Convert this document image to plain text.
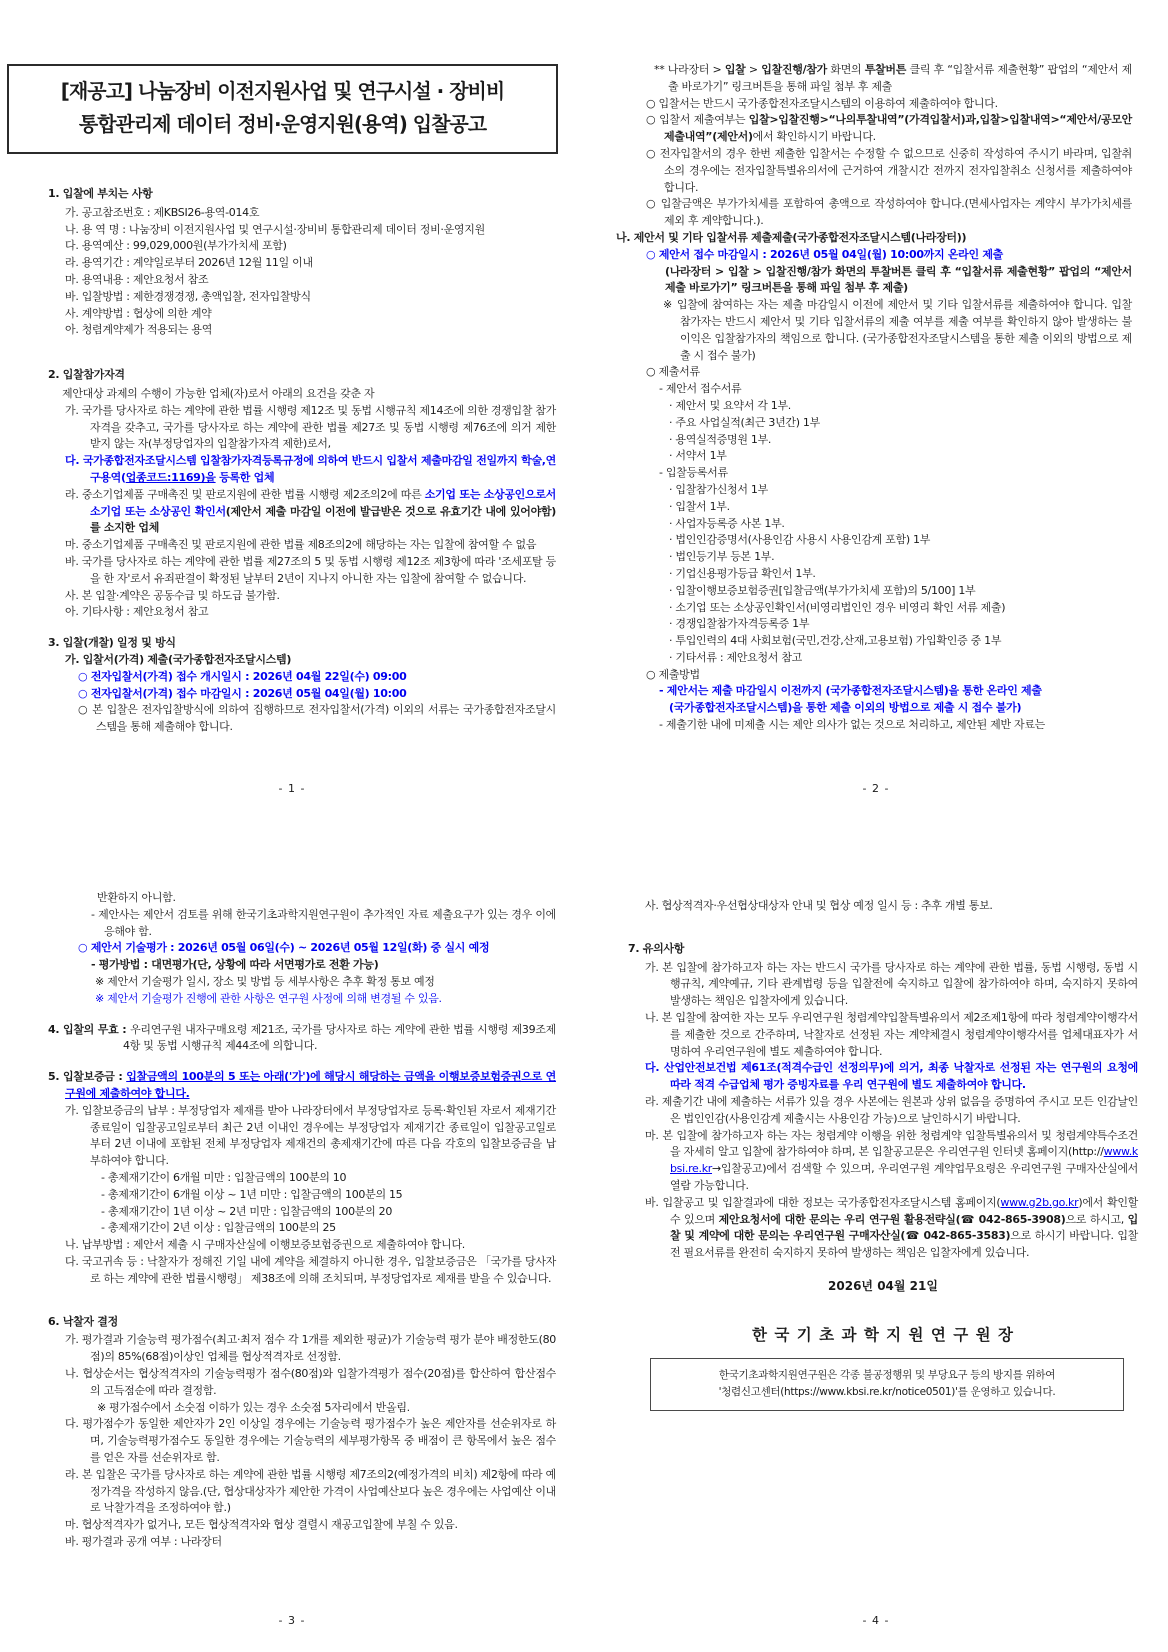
[재공고] 나눔장비 이전지원사업 및 연구시설 · 장비비
통합관리제 데이터 정비·운영지원(용역) 입찰공고
1. 입찰에 부치는 사항
가. 공고참조번호 : 제KBSI26-용역-014호
나. 용 역 명 : 나눔장비 이전지원사업 및 연구시설·장비비 통합관리제 데이터 정비·운영지원
다. 용역예산 : 99,029,000원(부가가치세 포함)
라. 용역기간 : 계약일로부터 2026년 12월 11일 이내
마. 용역내용 : 제안요청서 참조
바. 입찰방법 : 제한경쟁경쟁, 총액입찰, 전자입찰방식
사. 계약방법 : 협상에 의한 계약
아. 청렴계약제가 적용되는 용역
2. 입찰참가자격
제안대상 과제의 수행이 가능한 업체(자)로서 아래의 요건을 갖춘 자
가. 국가를 당사자로 하는 계약에 관한 법률 시행령 제12조 및 동법 시행규칙 제14조에 의한 경쟁입찰 참가자격을 갖추고, 국가를 당사자로 하는 계약에 관한 법률 제27조 및 동법 시행령 제76조에 의거 제한 받지 않는 자(부정당업자의 입찰참가자격 제한)로서,
다. 국가종합전자조달시스템 입찰참가자격등록규정에 의하여 반드시 입찰서 제출마감일 전일까지 학술,연구용역(업종코드:1169)을 등록한 업체
라. 중소기업제품 구매촉진 및 판로지원에 관한 법률 시행령 제2조의2에 따른 소기업 또는 소상공인으로서 소기업 또는 소상공인 확인서(제안서 제출 마감일 이전에 발급받은 것으로 유효기간 내에 있어야함)를 소지한 업체
마. 중소기업제품 구매촉진 및 판로지원에 관한 법률 제8조의2에 해당하는 자는 입찰에 참여할 수 없음
바. 국가를 당사자로 하는 계약에 관한 법률 제27조의 5 및 동법 시행령 제12조 제3항에 따라 '조세포탈 등을 한 자'로서 유죄판결이 확정된 날부터 2년이 지나지 아니한 자는 입찰에 참여할 수 없습니다.
사. 본 입찰·계약은 공동수급 및 하도급 불가함.
아. 기타사항 : 제안요청서 참고
3. 입찰(개찰) 일정 및 방식
가. 입찰서(가격) 제출(국가종합전자조달시스템)
○ 전자입찰서(가격) 접수 개시일시 : 2026년 04월 22일(수) 09:00
○ 전자입찰서(가격) 접수 마감일시 : 2026년 05월 04일(월) 10:00
○ 본 입찰은 전자입찰방식에 의하여 집행하므로 전자입찰서(가격) 이외의 서류는 국가종합전자조달시스템을 통해 제출해야 합니다.
- 1 -
** 나라장터 > 입찰 > 입찰진행/참가 화면의 투찰버튼 클릭 후 “입찰서류 제출현황” 팝업의 “제안서 제출 바로가기” 링크버튼을 통해 파일 첨부 후 제출
○ 입찰서는 반드시 국가종합전자조달시스템의 이용하여 제출하여야 합니다.
○ 입찰서 제출여부는 입찰>입찰진행>“나의투찰내역”(가격입찰서)과,입찰>입찰내역>“제안서/공모안 제출내역”(제안서)에서 확인하시기 바랍니다.
○ 전자입찰서의 경우 한번 제출한 입찰서는 수정할 수 없으므로 신중히 작성하여 주시기 바라며, 입찰취소의 경우에는 전자입찰특별유의서에 근거하여 개찰시간 전까지 전자입찰취소 신청서를 제출하여야 합니다.
○ 입찰금액은 부가가치세를 포함하여 총액으로 작성하여야 합니다.(면세사업자는 계약시 부가가치세를 제외 후 계약합니다.).
나. 제안서 및 기타 입찰서류 제출제출(국가종합전자조달시스템(나라장터))
○ 제안서 접수 마감일시 : 2026년 05월 04일(월) 10:00까지 온라인 제출
(나라장터 > 입찰 > 입찰진행/참가 화면의 투찰버튼 클릭 후 “입찰서류 제출현황” 팝업의 “제안서제출 바로가기” 링크버튼을 통해 파일 첨부 후 제출)
※ 입찰에 참여하는 자는 제출 마감일시 이전에 제안서 및 기타 입찰서류를 제출하여야 합니다. 입찰 참가자는 반드시 제안서 및 기타 입찰서류의 제출 여부를 제출 여부를 확인하지 않아 발생하는 불이익은 입찰참가자의 책임으로 합니다. (국가종합전자조달시스템을 통한 제출 이외의 방법으로 제출 시 접수 불가)
○ 제출서류
- 제안서 접수서류
· 제안서 및 요약서 각 1부.
· 주요 사업실적(최근 3년간) 1부
· 용역실적증명원 1부.
· 서약서 1부
- 입찰등록서류
· 입찰참가신청서 1부
· 입찰서 1부.
· 사업자등록증 사본 1부.
· 법인인감증명서(사용인감 사용시 사용인감계 포함) 1부
· 법인등기부 등본 1부.
· 기업신용평가등급 확인서 1부.
· 입찰이행보증보험증권[입찰금액(부가가치세 포함)의 5/100] 1부
· 소기업 또는 소상공인확인서(비영리법인인 경우 비영리 확인 서류 제출)
· 경쟁입찰참가자격등록증 1부
· 투입인력의 4대 사회보험(국민,건강,산재,고용보험) 가입확인증 중 1부
· 기타서류 : 제안요청서 참고
○ 제출방법
- 제안서는 제출 마감일시 이전까지 (국가종합전자조달시스템)을 통한 온라인 제출
(국가종합전자조달시스템)을 통한 제출 이외의 방법으로 제출 시 접수 불가)
- 제출기한 내에 미제출 시는 제안 의사가 없는 것으로 처리하고, 제안된 제반 자료는
- 2 -
반환하지 아니함.
- 제안사는 제안서 검토를 위해 한국기초과학지원연구원이 추가적인 자료 제출요구가 있는 경우 이에 응해야 함.
○ 제안서 기술평가 : 2026년 05월 06일(수) ~ 2026년 05월 12일(화) 중 실시 예정
- 평가방법 : 대면평가(단, 상황에 따라 서면평가로 전환 가능)
※ 제안서 기술평가 일시, 장소 및 방법 등 세부사항은 추후 확정 통보 예정
※ 제안서 기술평가 진행에 관한 사항은 연구원 사정에 의해 변경될 수 있음.
4. 입찰의 무효 : 우리연구원 내자구매요령 제21조, 국가를 당사자로 하는 계약에 관한 법률 시행령 제39조제4항 및 동법 시행규칙 제44조에 의합니다.
5. 입찰보증금 : 입찰금액의 100분의 5 또는 아래('가')에 해당시 해당하는 금액을 이행보증보험증권으로 연구원에 제출하여야 합니다.
가. 입찰보증금의 납부 : 부정당업자 제재를 받아 나라장터에서 부정당업자로 등록·확인된 자로서 제재기간 종료일이 입찰공고일로부터 최근 2년 이내인 경우에는 부정당업자 제재기간 종료일이 입찰공고일로부터 2년 이내에 포함된 전체 부정당업자 제재건의 총제재기간에 따른 다음 각호의 입찰보증금을 납부하여야 합니다.
- 총제재기간이 6개월 미만 : 입찰금액의 100분의 10
- 총제재기간이 6개월 이상 ~ 1년 미만 : 입찰금액의 100분의 15
- 총제재기간이 1년 이상 ~ 2년 미만 : 입찰금액의 100분의 20
- 총제재기간이 2년 이상 : 입찰금액의 100분의 25
나. 납부방법 : 제안서 제출 시 구매자산실에 이행보증보험증권으로 제출하여야 합니다.
다. 국고귀속 등 : 낙찰자가 정해진 기일 내에 계약을 체결하지 아니한 경우, 입찰보증금은 「국가를 당사자로 하는 계약에 관한 법률시행령」 제38조에 의해 조치되며, 부정당업자로 제재를 받을 수 있습니다.
6. 낙찰자 결정
가. 평가결과 기술능력 평가점수(최고·최저 점수 각 1개를 제외한 평균)가 기술능력 평가 분야 배정한도(80점)의 85%(68점)이상인 업체를 협상적격자로 선정함.
나. 협상순서는 협상적격자의 기술능력평가 점수(80점)와 입찰가격평가 점수(20점)를 합산하여 합산점수의 고득점순에 따라 결정함.
※ 평가점수에서 소숫점 이하가 있는 경우 소숫점 5자리에서 반올림.
다. 평가점수가 동일한 제안자가 2인 이상일 경우에는 기술능력 평가점수가 높은 제안자를 선순위자로 하며, 기술능력평가점수도 동일한 경우에는 기술능력의 세부평가항목 중 배점이 큰 항목에서 높은 점수를 얻은 자를 선순위자로 함.
라. 본 입찰은 국가를 당사자로 하는 계약에 관한 법률 시행령 제7조의2(예정가격의 비치) 제2항에 따라 예정가격을 작성하지 않음.(단, 협상대상자가 제안한 가격이 사업예산보다 높은 경우에는 사업예산 이내로 낙찰가격을 조정하여야 함.)
마. 협상적격자가 없거나, 모든 협상적격자와 협상 결렬시 재공고입찰에 부칠 수 있음.
바. 평가결과 공개 여부 : 나라장터
- 3 -
사. 협상적격자·우선협상대상자 안내 및 협상 예정 일시 등 : 추후 개별 통보.
7. 유의사항
가. 본 입찰에 참가하고자 하는 자는 반드시 국가를 당사자로 하는 계약에 관한 법률, 동법 시행령, 동법 시행규칙, 계약예규, 기타 관계법령 등을 입찰전에 숙지하고 입찰에 참가하여야 하며, 숙지하지 못하여 발생하는 책임은 입찰자에게 있습니다.
나. 본 입찰에 참여한 자는 모두 우리연구원 청렴계약입찰특별유의서 제2조제1항에 따라 청렴계약이행각서를 제출한 것으로 간주하며, 낙찰자로 선정된 자는 계약체결시 청렴계약이행각서를 업체대표자가 서명하여 우리연구원에 별도 제출하여야 합니다.
다. 산업안전보건법 제61조(적격수급인 선정의무)에 의거, 최종 낙찰자로 선정된 자는 연구원의 요청에 따라 적격 수급업체 평가 증빙자료를 우리 연구원에 별도 제출하여야 합니다.
라. 제출기간 내에 제출하는 서류가 있을 경우 사본에는 원본과 상위 없음을 증명하여 주시고 모든 인감날인은 법인인감(사용인감계 제출시는 사용인감 가능)으로 날인하시기 바랍니다.
마. 본 입찰에 참가하고자 하는 자는 청렴계약 이행을 위한 청렴계약 입찰특별유의서 및 청렴계약특수조건을 자세히 알고 입찰에 참가하여야 하며, 본 입찰공고문은 우리연구원 인터넷 홈페이지(http://www.kbsi.re.kr→입찰공고)에서 검색할 수 있으며, 우리연구원 계약업무요령은 우리연구원 구매자산실에서 열람 가능합니다.
바. 입찰공고 및 입찰결과에 대한 정보는 국가종합전자조달시스템 홈페이지(www.g2b.go.kr)에서 확인할 수 있으며 제안요청서에 대한 문의는 우리 연구원 활용전략실(☎ 042-865-3908)으로 하시고, 입찰 및 계약에 대한 문의는 우리연구원 구매자산실(☎ 042-865-3583)으로 하시기 바랍니다. 입찰 전 필요서류를 완전히 숙지하지 못하여 발생하는 책임은 입찰자에게 있습니다.
2026년 04월 21일
한 국 기 초 과 학 지 원 연 구 원 장
한국기초과학지원연구원은 각종 불공정행위 및 부당요구 등의 방지를 위하여
'청렴신고센터(https://www.kbsi.re.kr/notice0501)'를 운영하고 있습니다.
- 4 -
